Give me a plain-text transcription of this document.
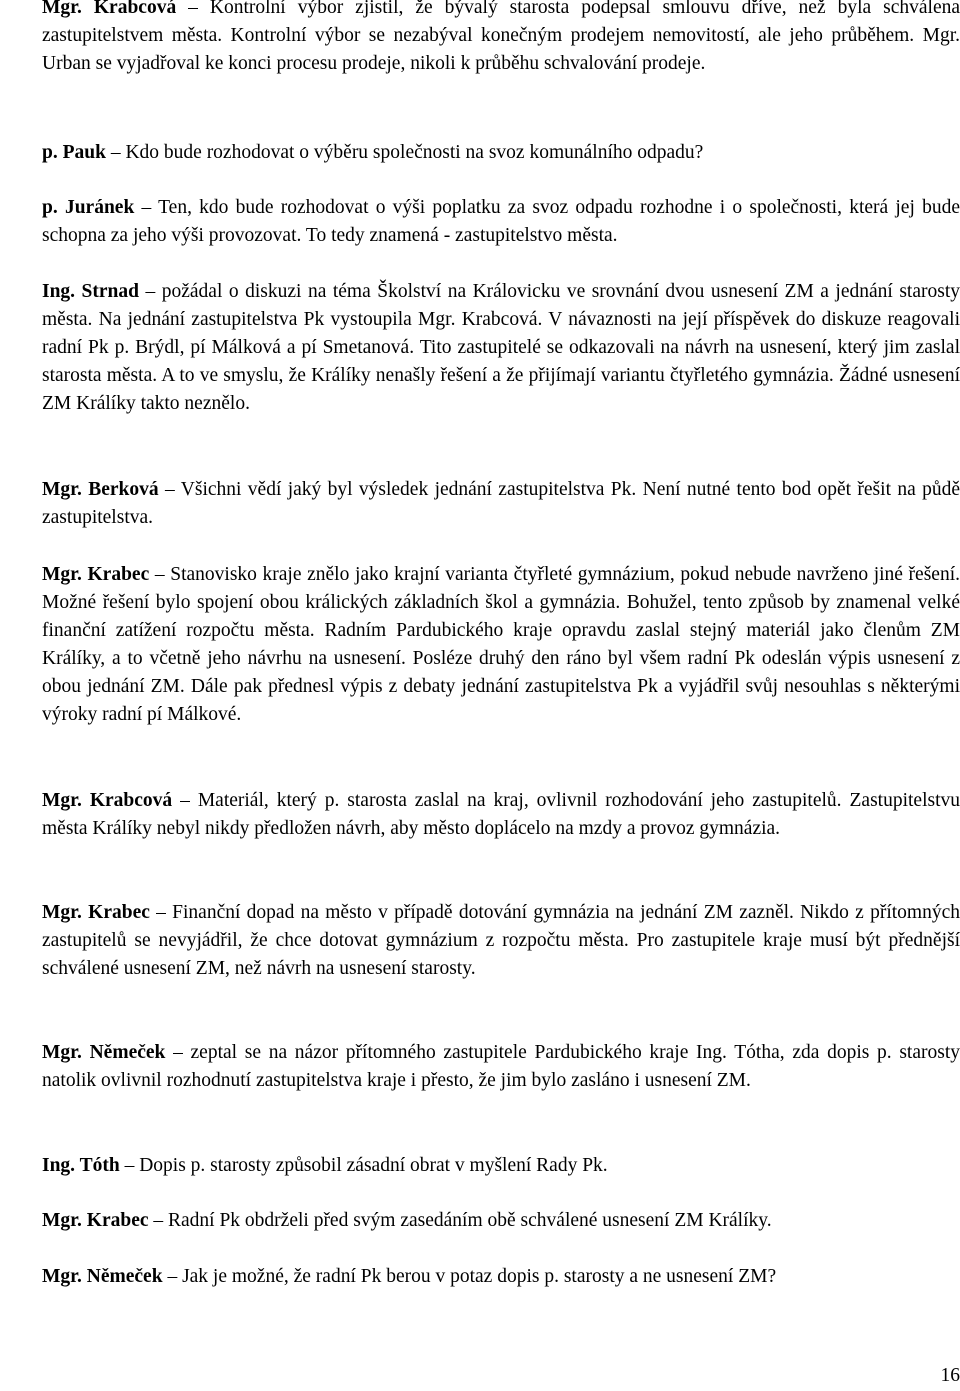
Mgr. Krabcová – Kontrolní výbor zjistil, že bývalý starosta podepsal smlouvu dříve, než byla schválena zastupitelstvem města. Kontrolní výbor se nezabýval konečným prodejem nemovitostí, ale jeho průběhem. Mgr. Urban se vyjadřoval ke konci procesu prodeje, nikoli k průběhu schvalování prodeje.

p. Pauk – Kdo bude rozhodovat o výběru společnosti na svoz komunálního odpadu?

p. Juránek – Ten, kdo bude rozhodovat o výši poplatku za svoz odpadu rozhodne i o společnosti, která jej bude schopna za jeho výši provozovat. To tedy znamená - zastupitelstvo města.

Ing. Strnad – požádal o diskuzi na téma Školství na Královicku ve srovnání dvou usnesení ZM a jednání starosty města. Na jednání zastupitelstva Pk vystoupila Mgr. Krabcová. V návaznosti na její příspěvek do diskuze reagovali radní Pk p. Brýdl, pí Málková a pí Smetanová. Tito zastupitelé se odkazovali na návrh na usnesení, který jim zaslal starosta města. A to ve smyslu, že Králíky nenašly řešení a že přijímají variantu čtyřletého gymnázia. Žádné usnesení ZM Králíky takto neznělo.

Mgr. Berková – Všichni vědí jaký byl výsledek jednání zastupitelstva Pk. Není nutné tento bod opět řešit na půdě zastupitelstva.

Mgr. Krabec – Stanovisko kraje znělo jako krajní varianta čtyřleté gymnázium, pokud nebude navrženo jiné řešení. Možné řešení bylo spojení obou králických základních škol a gymnázia. Bohužel, tento způsob by znamenal velké finanční zatížení rozpočtu města. Radním Pardubického kraje opravdu zaslal stejný materiál jako členům ZM Králíky, a to včetně jeho návrhu na usnesení. Posléze druhý den ráno byl všem radní Pk odeslán výpis usnesení z obou jednání ZM. Dále pak přednesl výpis z debaty jednání zastupitelstva Pk a vyjádřil svůj nesouhlas s některými výroky radní pí Málkové.

Mgr. Krabcová – Materiál, který p. starosta zaslal na kraj, ovlivnil rozhodování jeho zastupitelů. Zastupitelstvu města Králíky nebyl nikdy předložen návrh, aby město doplácelo na mzdy a provoz gymnázia.

Mgr. Krabec – Finanční dopad na město v případě dotování gymnázia na jednání ZM zazněl. Nikdo z přítomných zastupitelů se nevyjádřil, že chce dotovat gymnázium z rozpočtu města. Pro zastupitele kraje musí být přednější schválené usnesení ZM, než návrh na usnesení starosty.

Mgr. Němeček – zeptal se na názor přítomného zastupitele Pardubického kraje Ing. Tótha, zda dopis p. starosty natolik ovlivnil rozhodnutí zastupitelstva kraje i přesto, že jim bylo zasláno i usnesení ZM.

Ing. Tóth – Dopis p. starosty způsobil zásadní obrat v myšlení Rady Pk.

Mgr. Krabec – Radní Pk obdrželi před svým zasedáním obě schválené usnesení ZM Králíky.

Mgr. Němeček – Jak je možné, že radní Pk berou v potaz dopis p. starosty a ne usnesení ZM?

16
